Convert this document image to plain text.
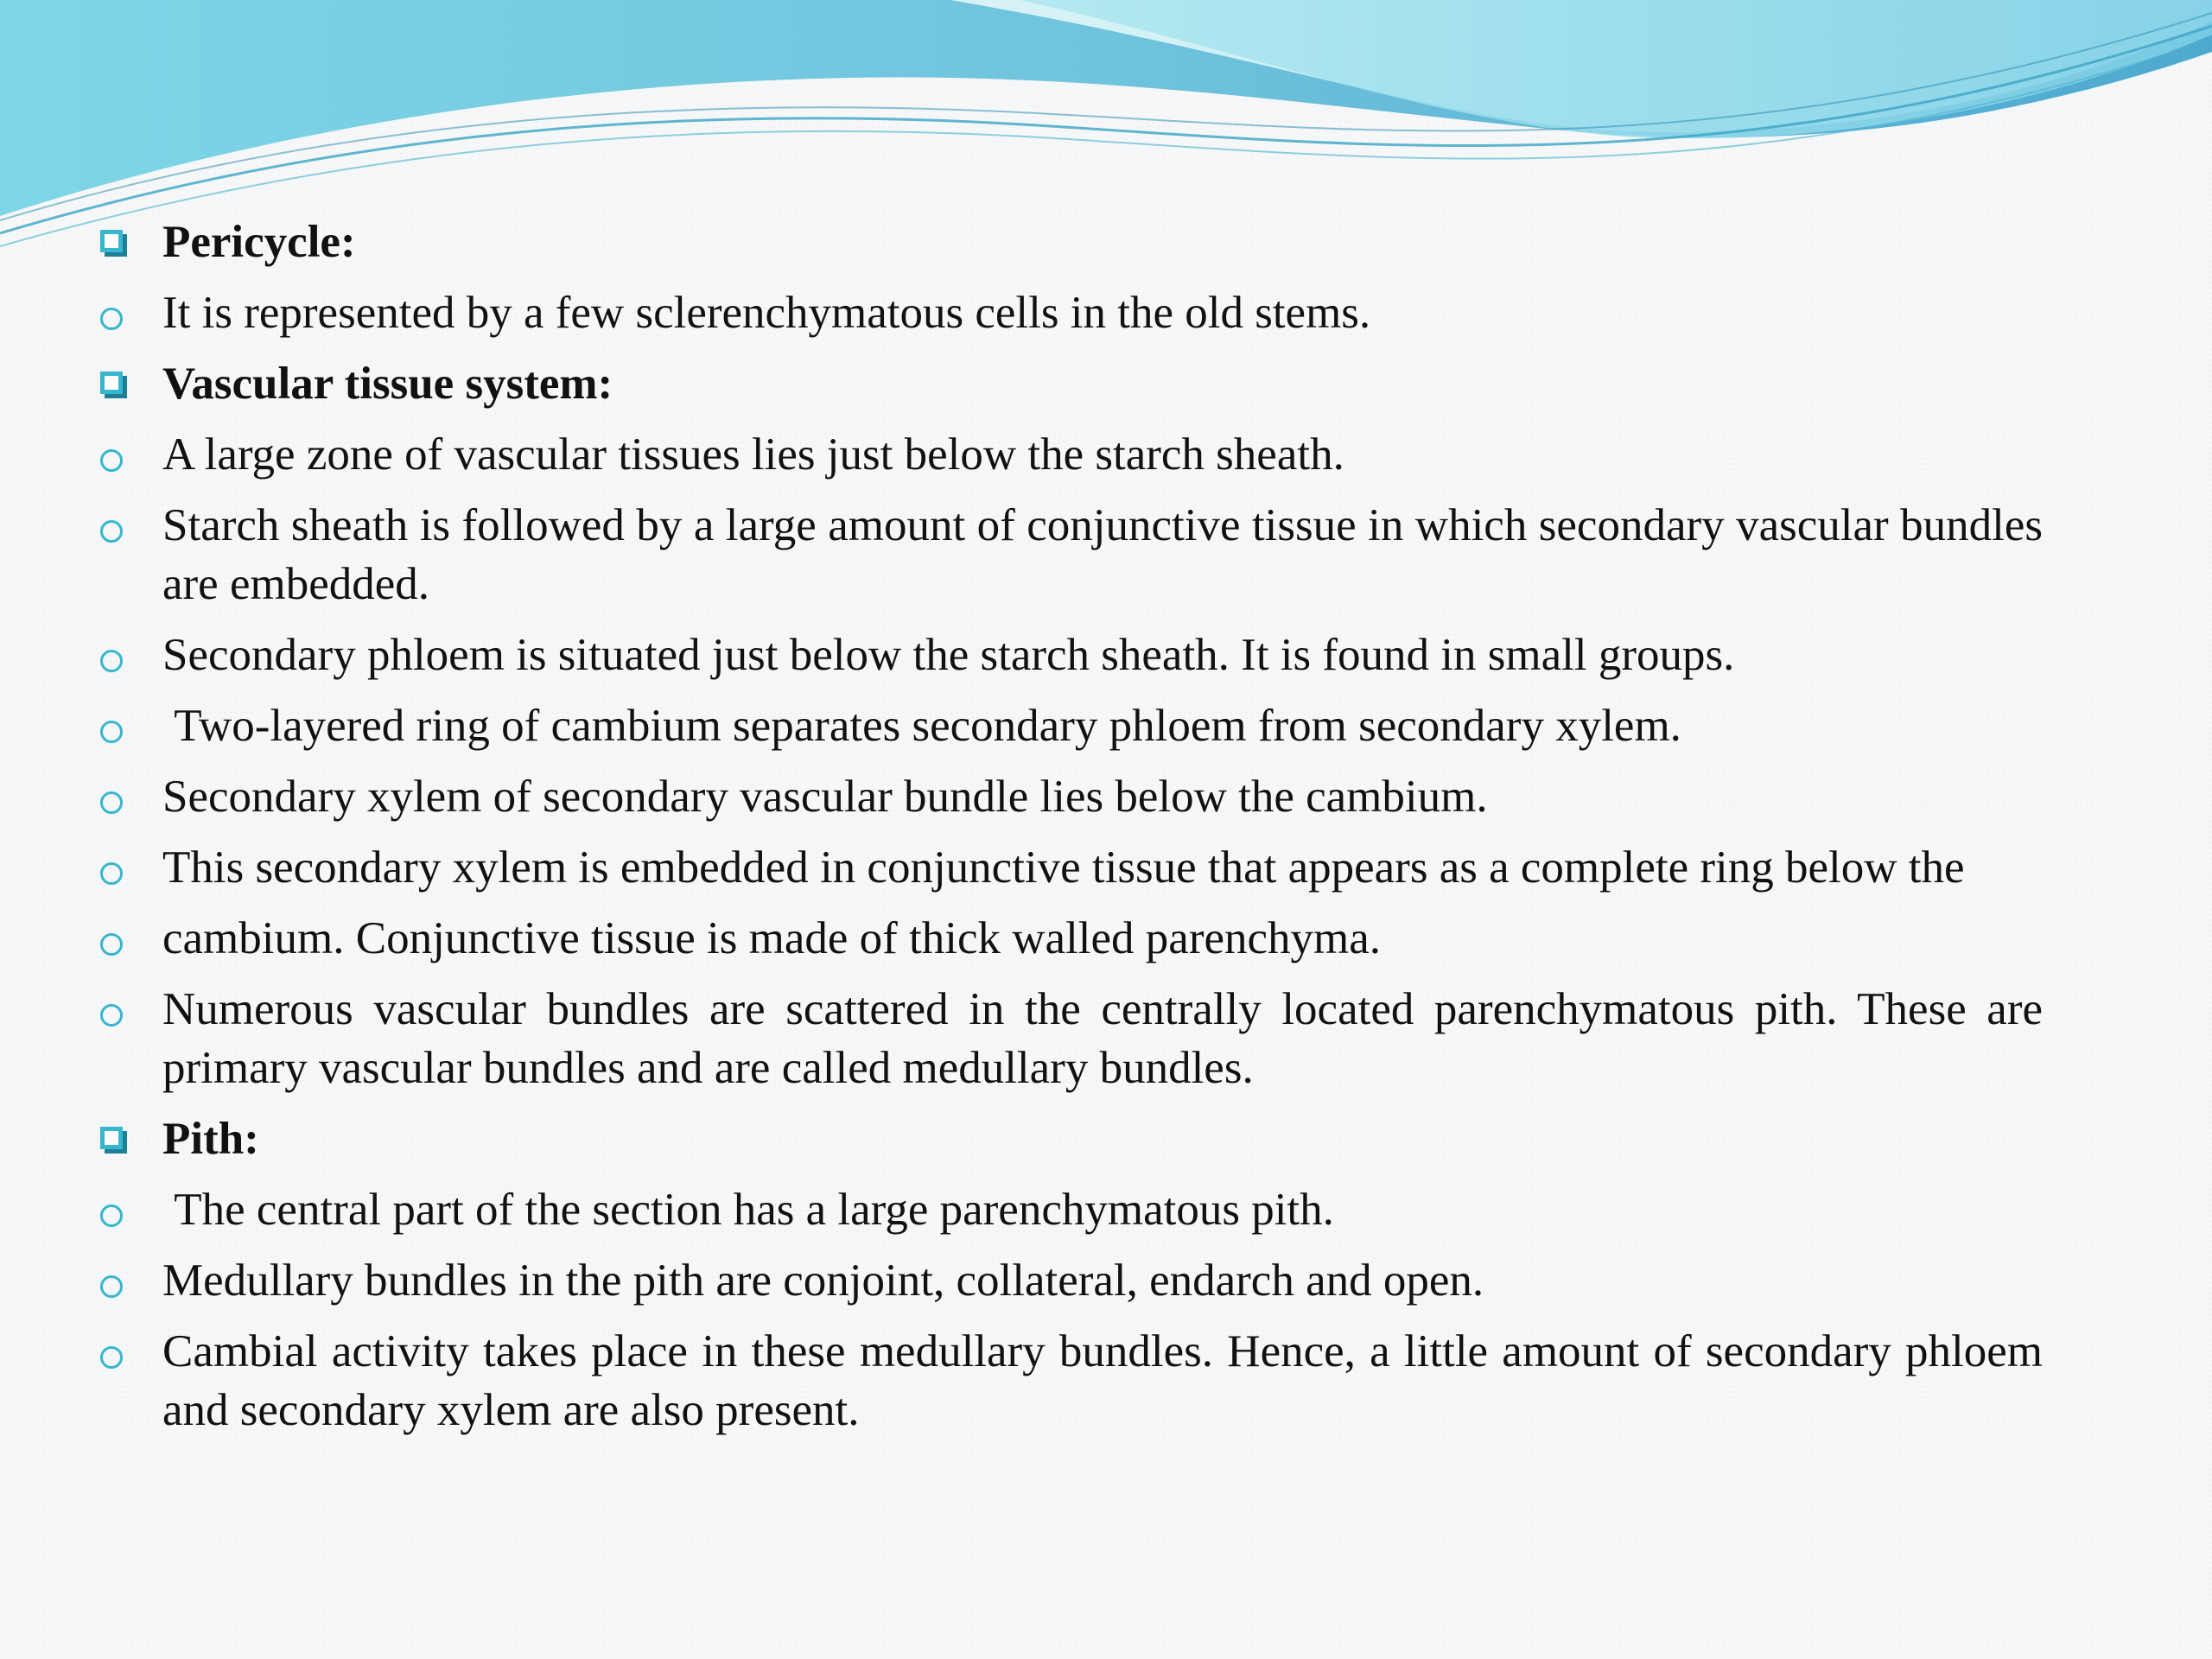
Pericycle:
It is represented by a few sclerenchymatous cells in the old stems.
Vascular tissue system:
A large zone of vascular tissues lies just below the starch sheath.
Starch sheath is followed by a large amount of conjunctive tissue in which secondary vascular bundles are embedded.
Secondary phloem is situated just below the starch sheath. It is found in small groups.
Two-layered ring of cambium separates secondary phloem from secondary xylem.
Secondary xylem of secondary vascular bundle lies below the cambium.
This secondary xylem is embedded in conjunctive tissue that appears as a complete ring below the
cambium. Conjunctive tissue is made of thick walled parenchyma.
Numerous vascular bundles are scattered in the centrally located parenchymatous pith. These are primary vascular bundles and are called medullary bundles.
Pith:
The central part of the section has a large parenchymatous pith.
Medullary bundles in the pith are conjoint, collateral, endarch and open.
Cambial activity takes place in these medullary bundles. Hence, a little amount of secondary phloem and secondary xylem are also present.
